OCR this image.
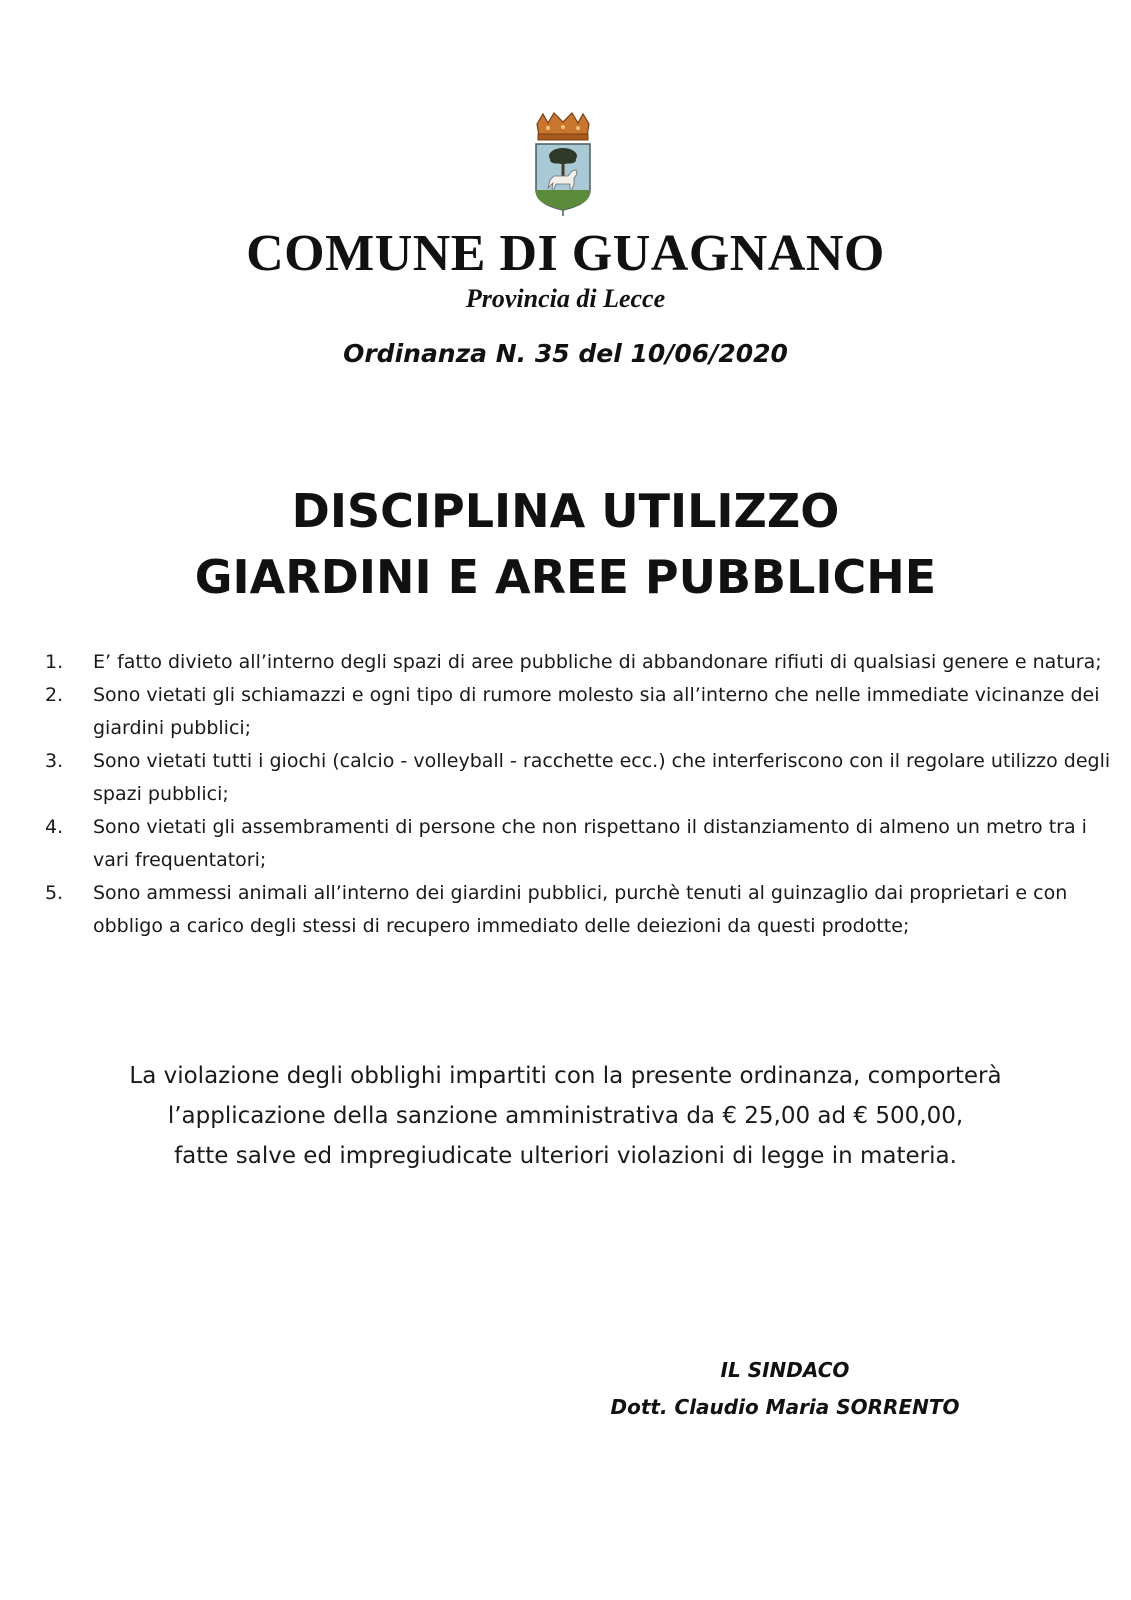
COMUNE DI GUAGNANO
Provincia di Lecce
Ordinanza N. 35 del 10/06/2020
DISCIPLINA UTILIZZO
GIARDINI E AREE PUBBLICHE
1.	E’ fatto divieto all’interno degli spazi di aree pubbliche di abbandonare rifiuti di qualsiasi genere e natura;
2.	Sono vietati gli schiamazzi e ogni tipo di rumore molesto sia all’interno che nelle immediate vicinanze dei giardini pubblici;
3.	Sono vietati tutti i giochi (calcio - volleyball - racchette ecc.) che interferiscono con il regolare utilizzo degli spazi pubblici;
4.	Sono vietati gli assembramenti di persone che non rispettano il distanziamento di almeno un metro tra i vari frequentatori;
5.	Sono ammessi animali all’interno dei giardini pubblici, purchè tenuti al guinzaglio dai proprietari e con obbligo a carico degli stessi di recupero immediato delle deiezioni da questi prodotte;
La violazione degli obblighi impartiti con la presente ordinanza, comporterà
l’applicazione della sanzione amministrativa da € 25,00 ad € 500,00,
fatte salve ed impregiudicate ulteriori violazioni di legge in materia.
IL SINDACO
Dott. Claudio Maria SORRENTO
